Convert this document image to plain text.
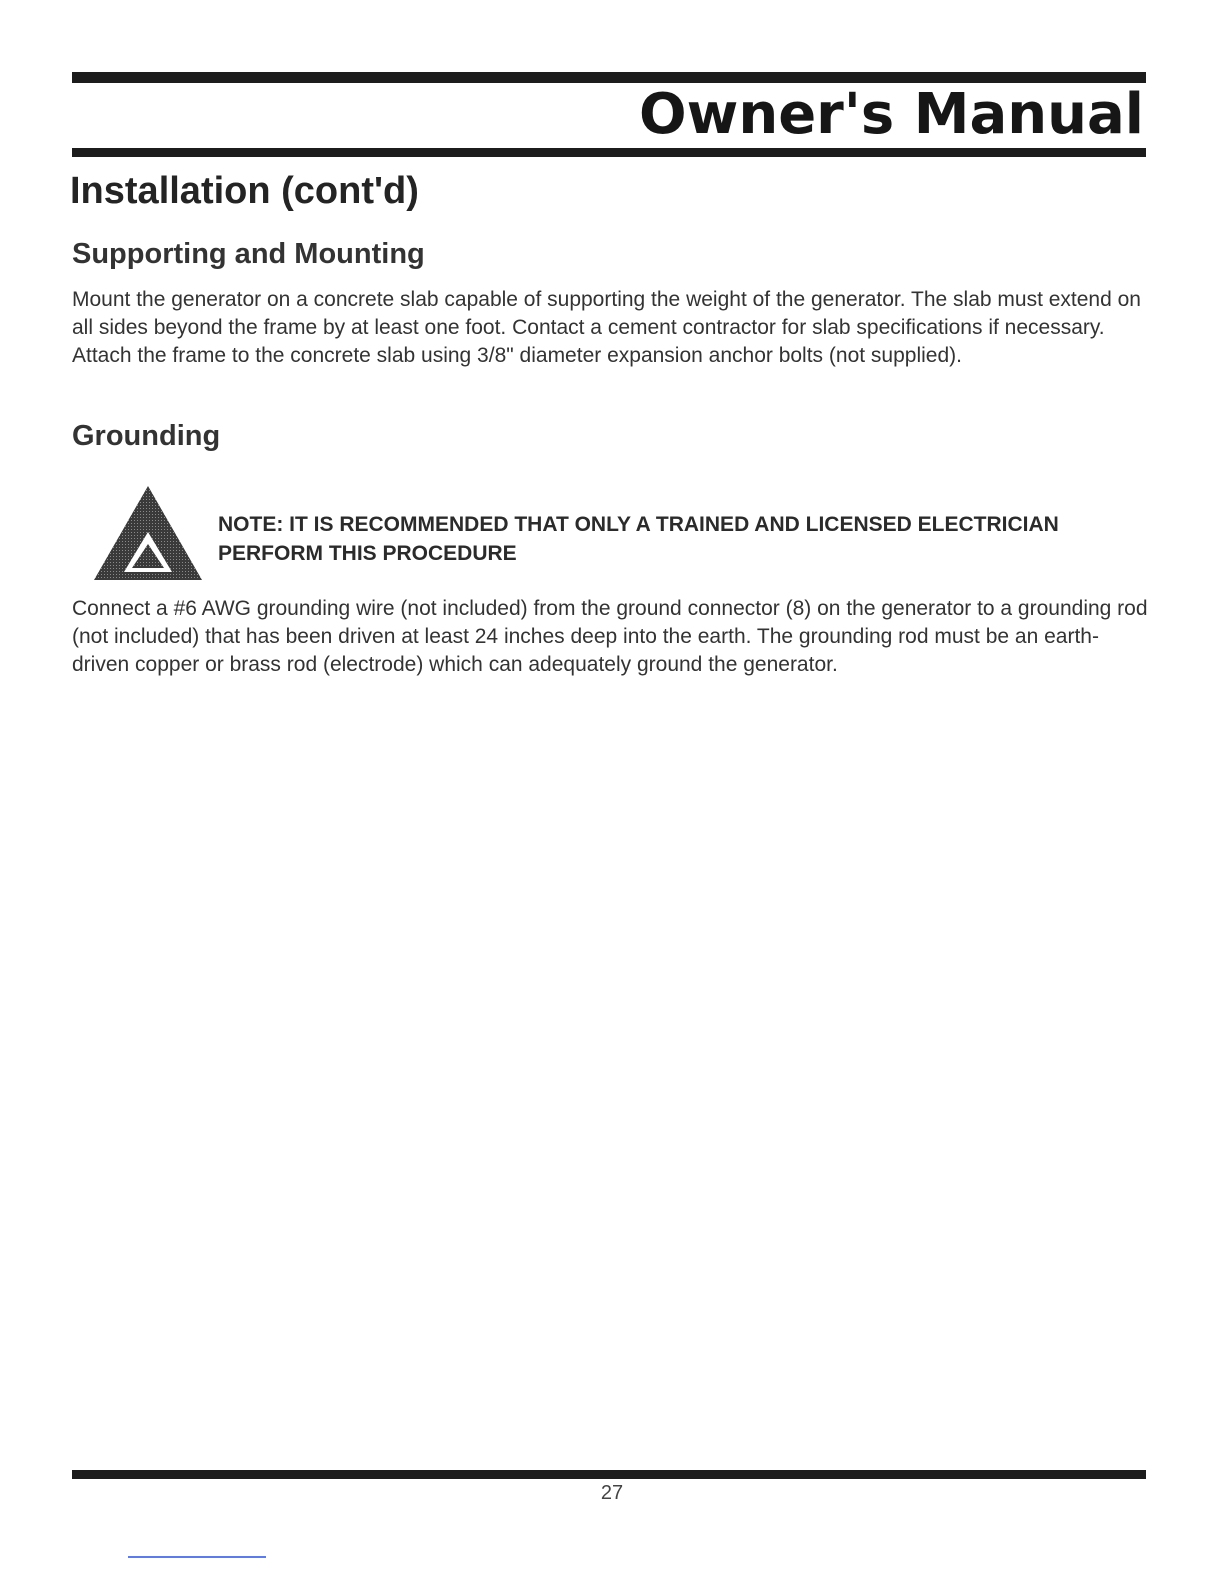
Owner's Manual
Installation (cont'd)
Supporting and Mounting

Mount the generator on a concrete slab capable of supporting the weight of the generator. The slab must extend on all sides beyond the frame by at least one foot. Contact a cement contractor for slab specifications if necessary. Attach the frame to the concrete slab using 3/8" diameter expansion anchor bolts (not supplied).

Grounding

NOTE: IT IS RECOMMENDED THAT ONLY A TRAINED AND LICENSED ELECTRICIAN PERFORM THIS PROCEDURE

Connect a #6 AWG grounding wire (not included) from the ground connector (8) on the generator to a grounding rod (not included) that has been driven at least 24 inches deep into the earth. The grounding rod must be an earth-driven copper or brass rod (electrode) which can adequately ground the generator.

27
